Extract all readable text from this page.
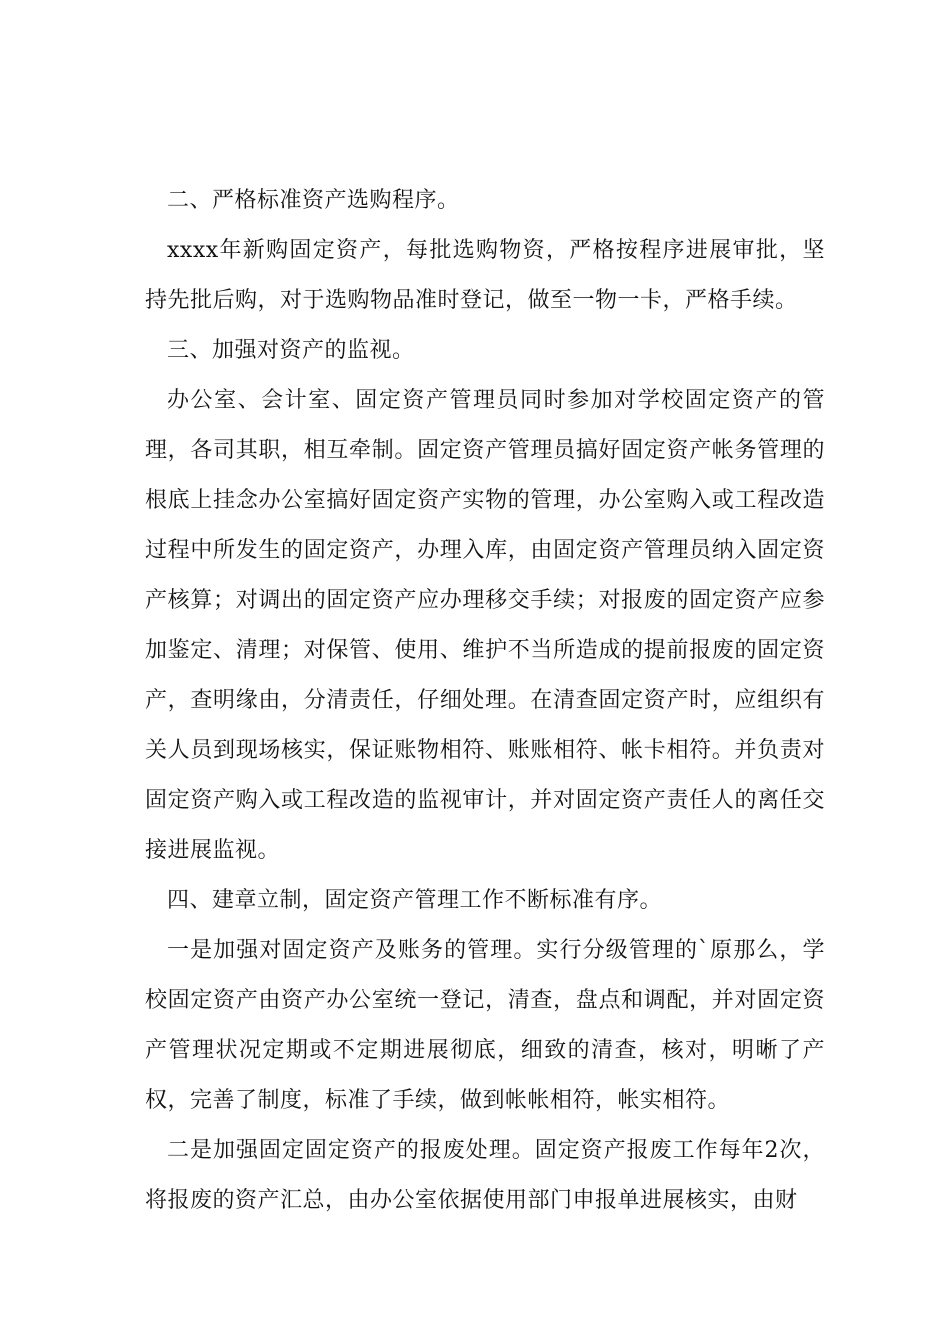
二、严格标准资产选购程序。

xxxx年新购固定资产，每批选购物资，严格按程序进展审批，坚持先批后购，对于选购物品准时登记，做至一物一卡，严格手续。

三、加强对资产的监视。

办公室、会计室、固定资产管理员同时参加对学校固定资产的管理，各司其职，相互牵制。固定资产管理员搞好固定资产帐务管理的根底上挂念办公室搞好固定资产实物的管理，办公室购入或工程改造过程中所发生的固定资产，办理入库，由固定资产管理员纳入固定资产核算；对调出的固定资产应办理移交手续；对报废的固定资产应参加鉴定、清理；对保管、使用、维护不当所造成的提前报废的固定资产，查明缘由，分清责任，仔细处理。在清查固定资产时，应组织有关人员到现场核实，保证账物相符、账账相符、帐卡相符。并负责对固定资产购入或工程改造的监视审计，并对固定资产责任人的离任交接进展监视。

四、建章立制，固定资产管理工作不断标准有序。

一是加强对固定资产及账务的管理。实行分级管理的`原那么，学校固定资产由资产办公室统一登记，清查，盘点和调配，并对固定资产管理状况定期或不定期进展彻底，细致的清查，核对，明晰了产权，完善了制度，标准了手续，做到帐帐相符，帐实相符。

二是加强固定固定资产的报废处理。固定资产报废工作每年2次，将报废的资产汇总，由办公室依据使用部门申报单进展核实，由财
